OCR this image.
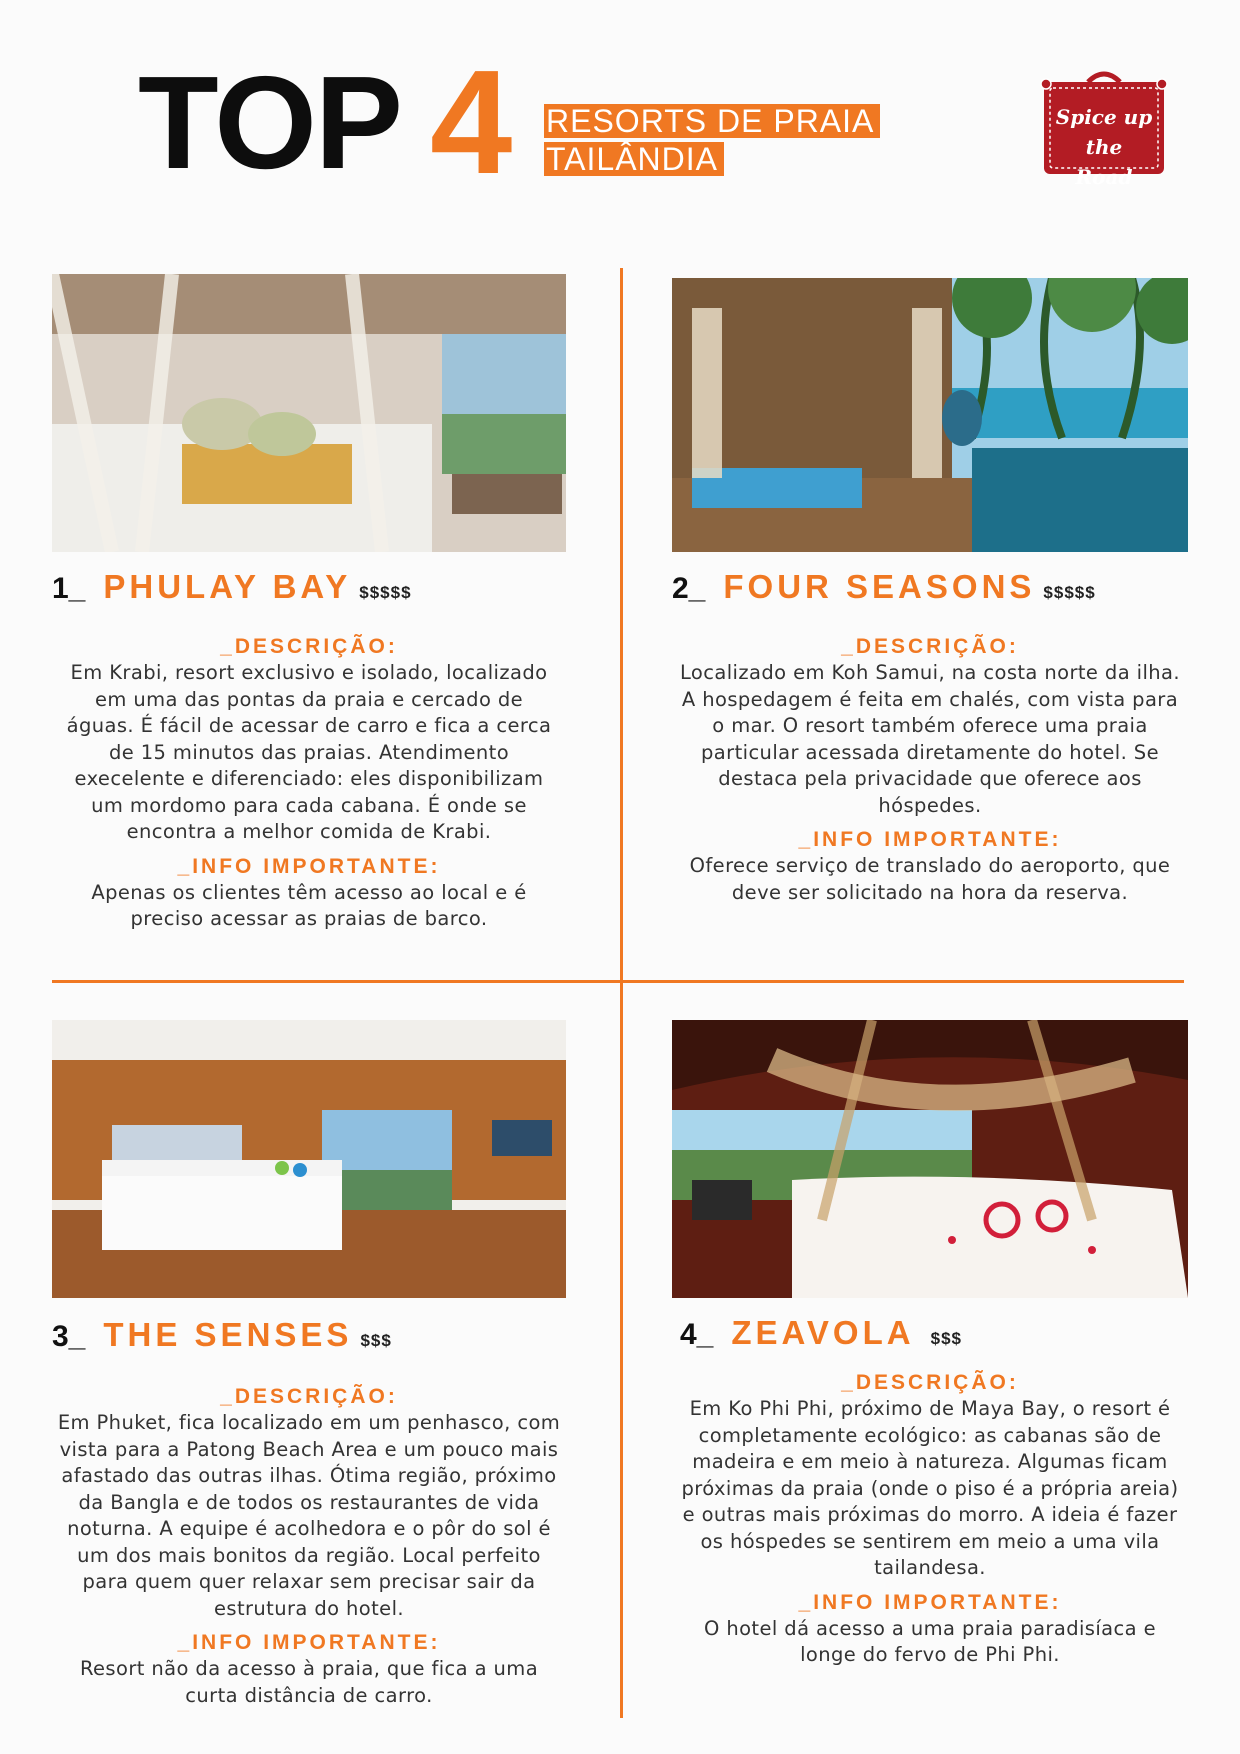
TOP 4 RESORTS DE PRAIA
TAILÂNDIA
Spice up
the Road
1_ PHULAY BAY $$$$$
_DESCRIÇÃO:
Em Krabi, resort exclusivo e isolado, localizado
em uma das pontas da praia e cercado de
águas. É fácil de acessar de carro e fica a cerca
de 15 minutos das praias. Atendimento
execelente e diferenciado: eles disponibilizam
um mordomo para cada cabana. É onde se
encontra a melhor comida de Krabi.
_INFO IMPORTANTE:
Apenas os clientes têm acesso ao local e é
preciso acessar as praias de barco.
2_ FOUR SEASONS $$$$$
_DESCRIÇÃO:
Localizado em Koh Samui, na costa norte da ilha.
A hospedagem é feita em chalés, com vista para
o mar. O resort também oferece uma praia
particular acessada diretamente do hotel. Se
destaca pela privacidade que oferece aos
hóspedes.
_INFO IMPORTANTE:
Oferece serviço de translado do aeroporto, que
deve ser solicitado na hora da reserva.
3_ THE SENSES $$$
_DESCRIÇÃO:
Em Phuket, fica localizado em um penhasco, com
vista para a Patong Beach Area e um pouco mais
afastado das outras ilhas. Ótima região, próximo
da Bangla e de todos os restaurantes de vida
noturna. A equipe é acolhedora e o pôr do sol é
um dos mais bonitos da região. Local perfeito
para quem quer relaxar sem precisar sair da
estrutura do hotel.
_INFO IMPORTANTE:
Resort não da acesso à praia, que fica a uma
curta distância de carro.
4_ ZEAVOLA $$$
_DESCRIÇÃO:
Em Ko Phi Phi, próximo de Maya Bay, o resort é
completamente ecológico: as cabanas são de
madeira e em meio à natureza. Algumas ficam
próximas da praia (onde o piso é a própria areia)
e outras mais próximas do morro. A ideia é fazer
os hóspedes se sentirem em meio a uma vila
tailandesa.
_INFO IMPORTANTE:
O hotel dá acesso a uma praia paradisíaca e
longe do fervo de Phi Phi.
